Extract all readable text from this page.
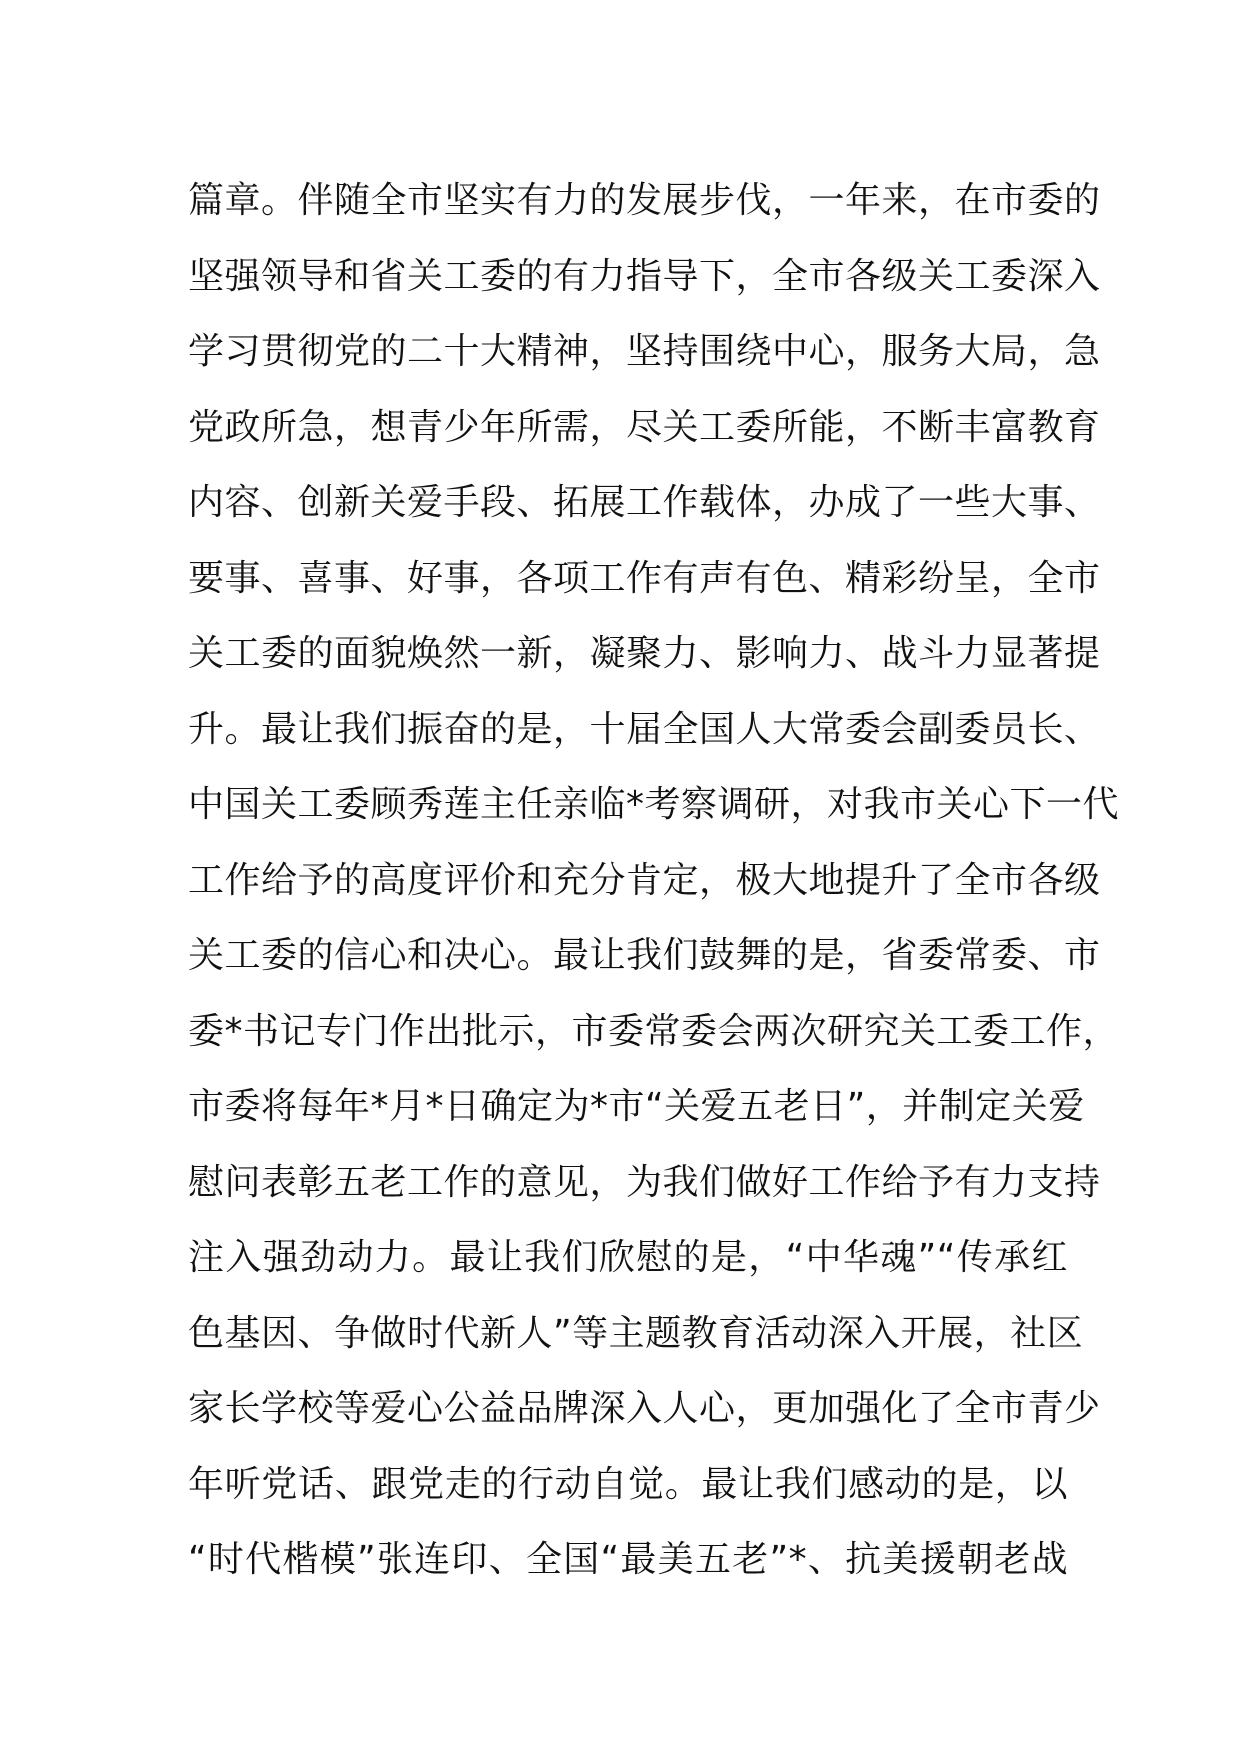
篇章。伴随全市坚实有力的发展步伐，一年来，在市委的
坚强领导和省关工委的有力指导下，全市各级关工委深入
学习贯彻党的二十大精神，坚持围绕中心，服务大局，急
党政所急，想青少年所需，尽关工委所能，不断丰富教育
内容、创新关爱手段、拓展工作载体，办成了一些大事、
要事、喜事、好事，各项工作有声有色、精彩纷呈，全市
关工委的面貌焕然一新，凝聚力、影响力、战斗力显著提
升。最让我们振奋的是，十届全国人大常委会副委员长、
中国关工委顾秀莲主任亲临*考察调研，对我市关心下一代
工作给予的高度评价和充分肯定，极大地提升了全市各级
关工委的信心和决心。最让我们鼓舞的是，省委常委、市
委*书记专门作出批示，市委常委会两次研究关工委工作，
市委将每年*月*日确定为*市“关爱五老日”，并制定关爱
慰问表彰五老工作的意见，为我们做好工作给予有力支持
注入强劲动力。最让我们欣慰的是，“中华魂”“传承红
色基因、争做时代新人”等主题教育活动深入开展，社区
家长学校等爱心公益品牌深入人心，更加强化了全市青少
年听党话、跟党走的行动自觉。最让我们感动的是，以
“时代楷模”张连印、全国“最美五老”*、抗美援朝老战
